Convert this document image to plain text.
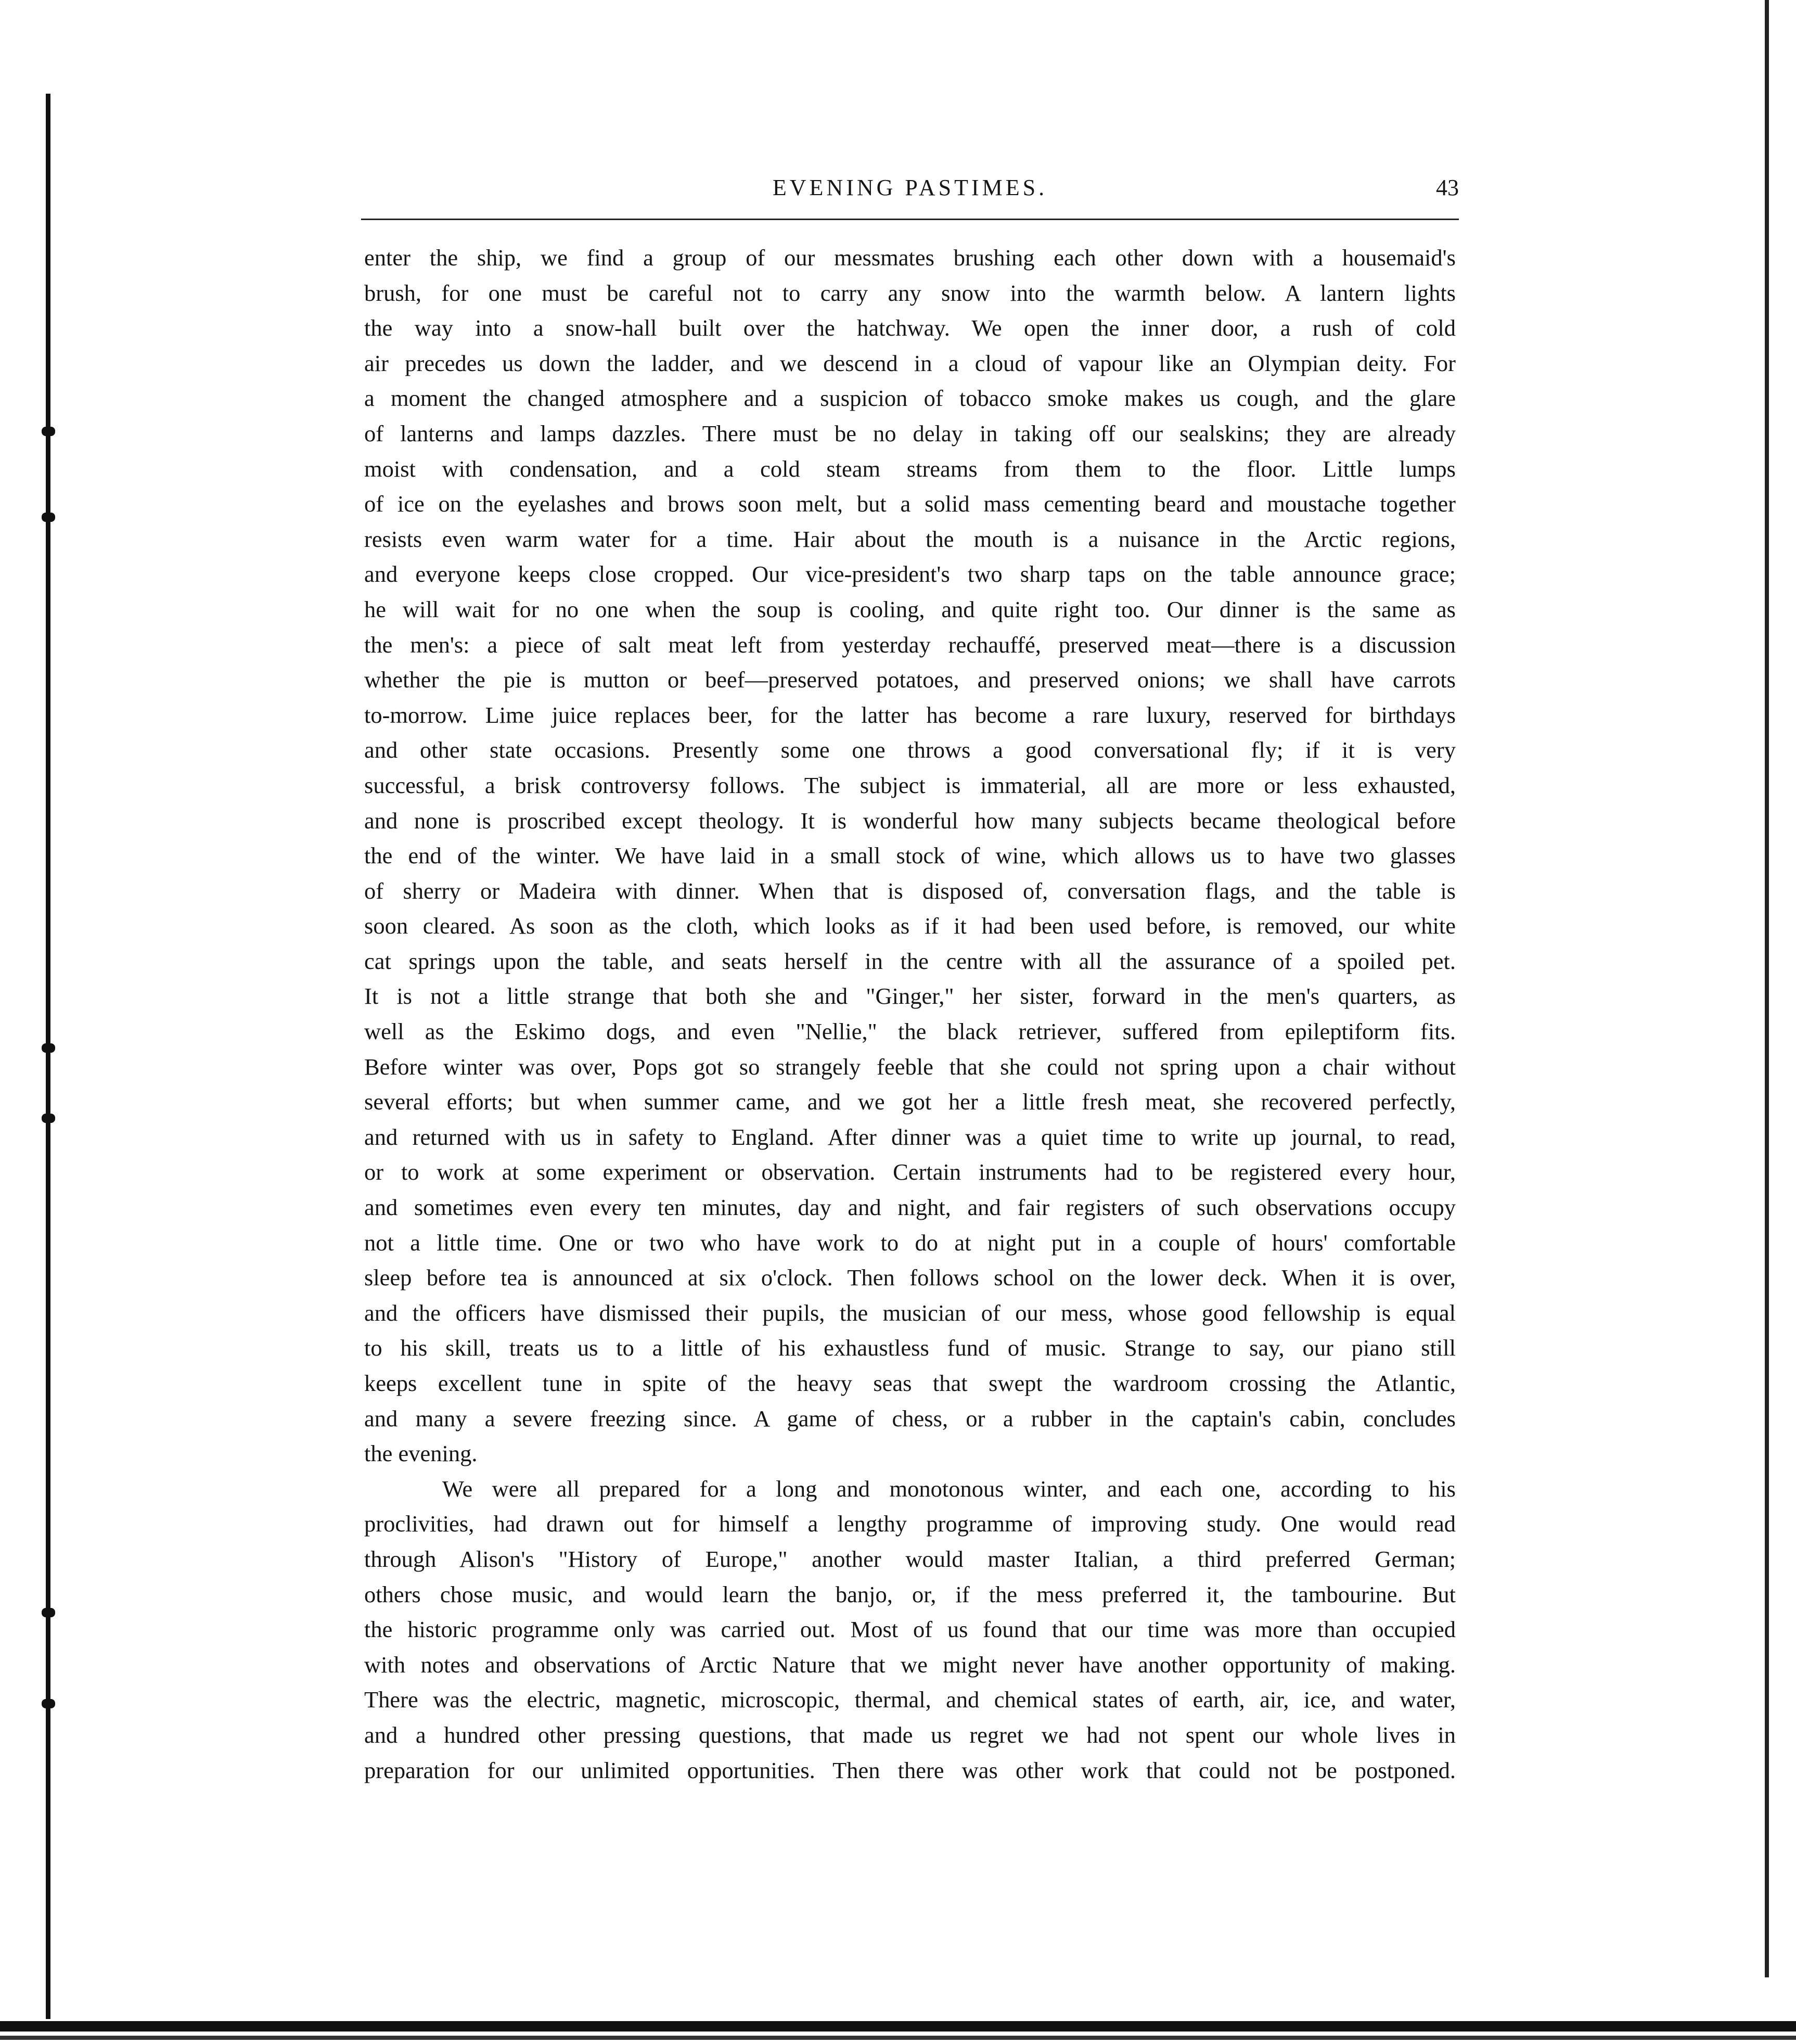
EVENING PASTIMES.	43
enter the ship, we find a group of our messmates brushing each other down with a housemaid's
brush, for one must be careful not to carry any snow into the warmth below. A lantern lights
the way into a snow-hall built over the hatchway. We open the inner door, a rush of cold
air precedes us down the ladder, and we descend in a cloud of vapour like an Olympian deity. For
a moment the changed atmosphere and a suspicion of tobacco smoke makes us cough, and the glare
of lanterns and lamps dazzles. There must be no delay in taking off our sealskins; they are already
moist with condensation, and a cold steam streams from them to the floor. Little lumps
of ice on the eyelashes and brows soon melt, but a solid mass cementing beard and moustache together
resists even warm water for a time. Hair about the mouth is a nuisance in the Arctic regions,
and everyone keeps close cropped. Our vice-president's two sharp taps on the table announce grace;
he will wait for no one when the soup is cooling, and quite right too. Our dinner is the same as
the men's: a piece of salt meat left from yesterday rechauffé, preserved meat—there is a discussion
whether the pie is mutton or beef—preserved potatoes, and preserved onions; we shall have carrots
to-morrow. Lime juice replaces beer, for the latter has become a rare luxury, reserved for birthdays
and other state occasions. Presently some one throws a good conversational fly; if it is very
successful, a brisk controversy follows. The subject is immaterial, all are more or less exhausted,
and none is proscribed except theology. It is wonderful how many subjects became theological before
the end of the winter. We have laid in a small stock of wine, which allows us to have two glasses
of sherry or Madeira with dinner. When that is disposed of, conversation flags, and the table is
soon cleared. As soon as the cloth, which looks as if it had been used before, is removed, our white
cat springs upon the table, and seats herself in the centre with all the assurance of a spoiled pet.
It is not a little strange that both she and "Ginger," her sister, forward in the men's quarters, as
well as the Eskimo dogs, and even "Nellie," the black retriever, suffered from epileptiform fits.
Before winter was over, Pops got so strangely feeble that she could not spring upon a chair without
several efforts; but when summer came, and we got her a little fresh meat, she recovered perfectly,
and returned with us in safety to England. After dinner was a quiet time to write up journal, to read,
or to work at some experiment or observation. Certain instruments had to be registered every hour,
and sometimes even every ten minutes, day and night, and fair registers of such observations occupy
not a little time. One or two who have work to do at night put in a couple of hours' comfortable
sleep before tea is announced at six o'clock. Then follows school on the lower deck. When it is over,
and the officers have dismissed their pupils, the musician of our mess, whose good fellowship is equal
to his skill, treats us to a little of his exhaustless fund of music. Strange to say, our piano still
keeps excellent tune in spite of the heavy seas that swept the wardroom crossing the Atlantic,
and many a severe freezing since. A game of chess, or a rubber in the captain's cabin, concludes
the evening.
We were all prepared for a long and monotonous winter, and each one, according to his
proclivities, had drawn out for himself a lengthy programme of improving study. One would read
through Alison's "History of Europe," another would master Italian, a third preferred German;
others chose music, and would learn the banjo, or, if the mess preferred it, the tambourine. But
the historic programme only was carried out. Most of us found that our time was more than occupied
with notes and observations of Arctic Nature that we might never have another opportunity of making.
There was the electric, magnetic, microscopic, thermal, and chemical states of earth, air, ice, and water,
and a hundred other pressing questions, that made us regret we had not spent our whole lives in
preparation for our unlimited opportunities. Then there was other work that could not be postponed.
